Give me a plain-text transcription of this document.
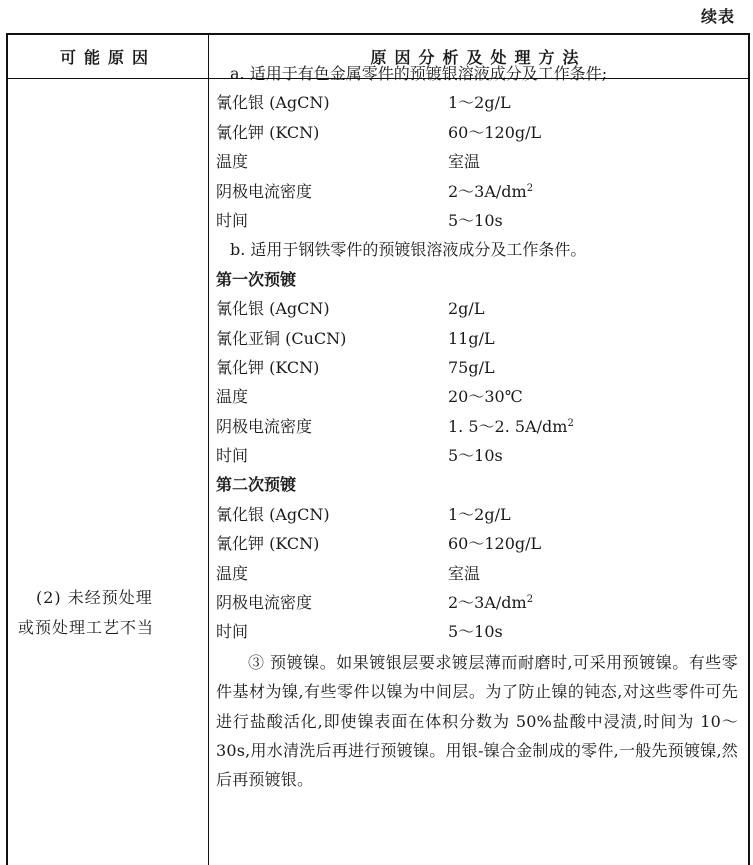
续表
可能原因	原因分析及处理方法
(2) 未经预处理
或预处理工艺不当
a. 适用于有色金属零件的预镀银溶液成分及工作条件;
氰化银 (AgCN)	1～2g/L
氰化钾 (KCN)	60～120g/L
温度	室温
阴极电流密度	$2\sim 3A/dm^2$
时间	5～10s
b. 适用于钢铁零件的预镀银溶液成分及工作条件。
第一次预镀
氰化银 (AgCN)	2g/L
氰化亚铜 (CuCN)	11g/L
氰化钾 (KCN)	75g/L
温度	20～30℃
阴极电流密度	1. 5～2. $5A/dm^2$
时间	5～10s
第二次预镀
氰化银 (AgCN)	1～2g/L
氰化钾 (KCN)	60～120g/L
温度	室温
阴极电流密度	$2\sim 3A/dm^2$
时间	5～10s
③ 预镀镍。如果镀银层要求镀层薄而耐磨时,可采用预镀镍。有些零件基材为镍,有些零件以镍为中间层。为了防止镍的钝态,对这些零件可先进行盐酸活化,即使镍表面在体积分数为 50%盐酸中浸渍,时间为 10～30s,用水清洗后再进行预镀镍。用银-镍合金制成的零件,一般先预镀镍,然后再预镀银。
